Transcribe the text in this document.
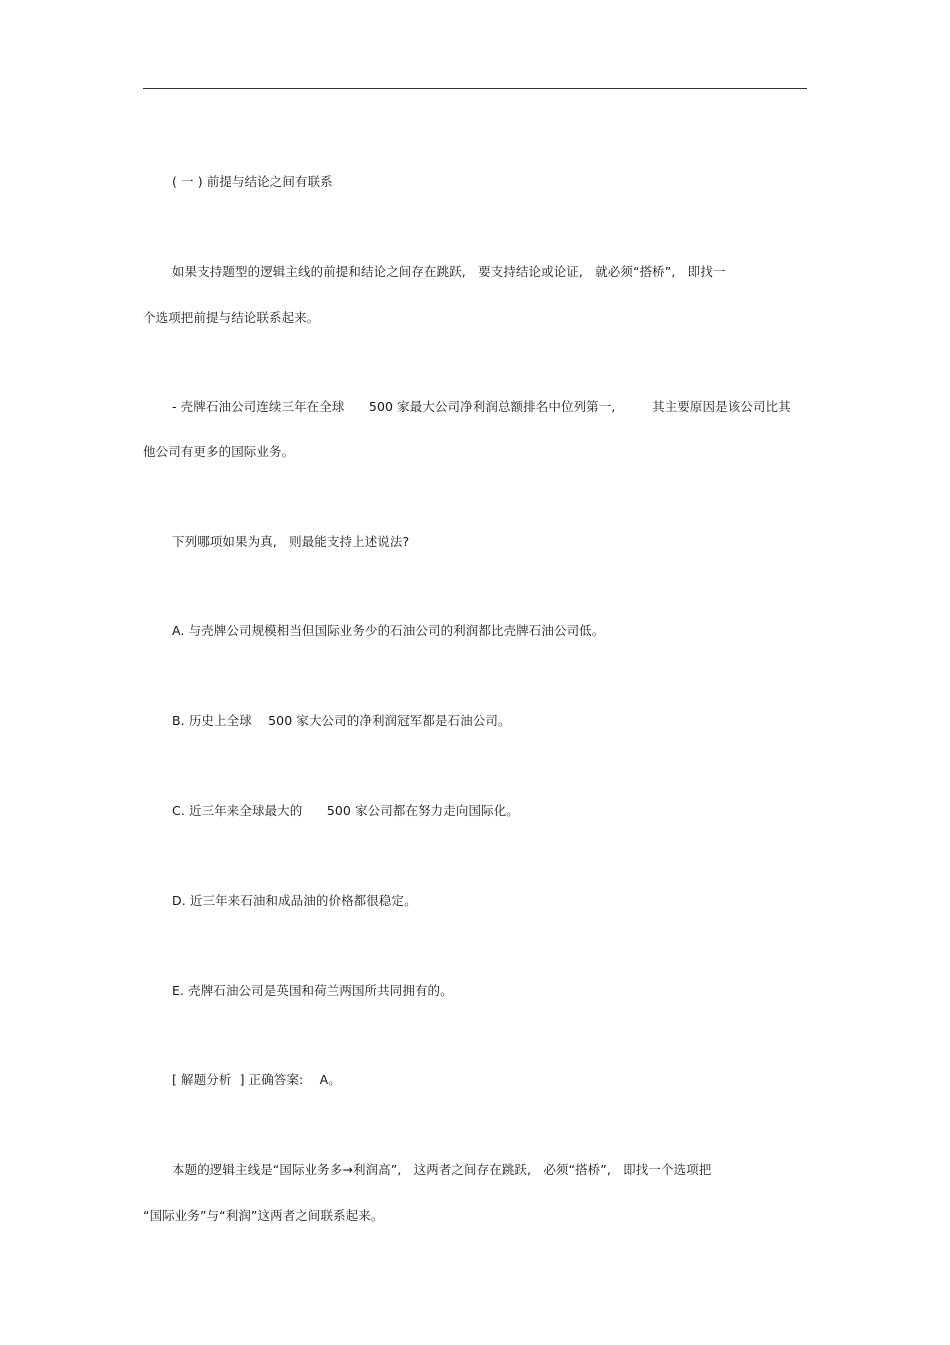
( 一 ) 前提与结论之间有联系
如果支持题型的逻辑主线的前提和结论之间存在跳跃,   要支持结论或论证,   就必须“搭桥”,   即找一
个选项把前提与结论联系起来。
- 壳牌石油公司连续三年在全球      500 家最大公司净利润总额排名中位列第一,         其主要原因是该公司比其
他公司有更多的国际业务。
下列哪项如果为真,   则最能支持上述说法?
A. 与壳牌公司规模相当但国际业务少的石油公司的利润都比壳牌石油公司低。
B. 历史上全球    500 家大公司的净利润冠军都是石油公司。
C. 近三年来全球最大的      500 家公司都在努力走向国际化。
D. 近三年来石油和成品油的价格都很稳定。
E. 壳牌石油公司是英国和荷兰两国所共同拥有的。
[ 解题分析  ] 正确答案:    A。
本题的逻辑主线是“国际业务多→利润高”,   这两者之间存在跳跃,   必须“搭桥”,   即找一个选项把
“国际业务”与“利润”这两者之间联系起来。
